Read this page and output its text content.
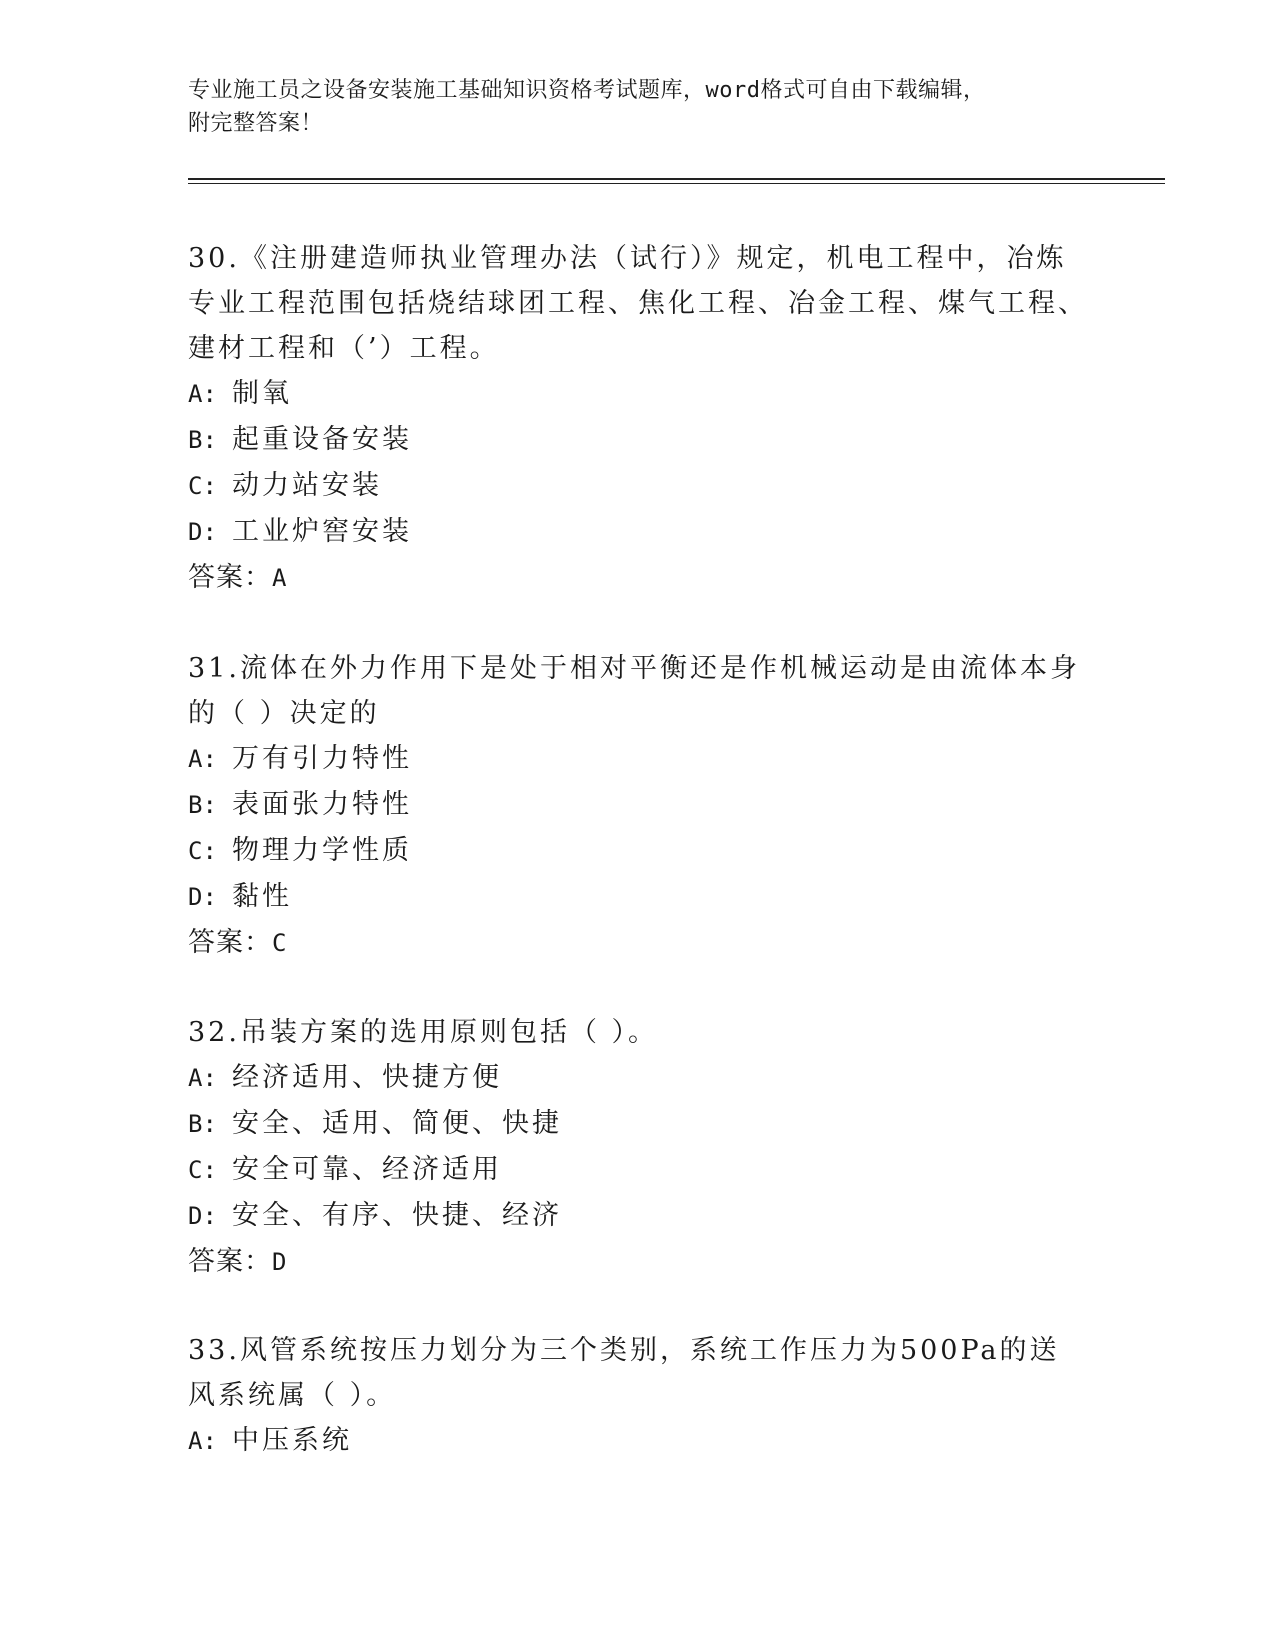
专业施工员之设备安装施工基础知识资格考试题库，word格式可自由下载编辑，
附完整答案！

30.《注册建造师执业管理办法（试行）》规定，机电工程中，冶炼专业工程范围包括烧结球团工程、焦化工程、冶金工程、煤气工程、建材工程和（’）工程。

A: 制氧

B: 起重设备安装

C: 动力站安装

D: 工业炉窖安装

答案：A

31.流体在外力作用下是处于相对平衡还是作机械运动是由流体本身的（ ）决定的

A: 万有引力特性

B: 表面张力特性

C: 物理力学性质

D: 黏性

答案：C

32.吊装方案的选用原则包括（ ）。

A: 经济适用、快捷方便

B: 安全、适用、简便、快捷

C: 安全可靠、经济适用

D: 安全、有序、快捷、经济

答案：D

33.风管系统按压力划分为三个类别，系统工作压力为500Pa的送风系统属（ ）。

A: 中压系统
